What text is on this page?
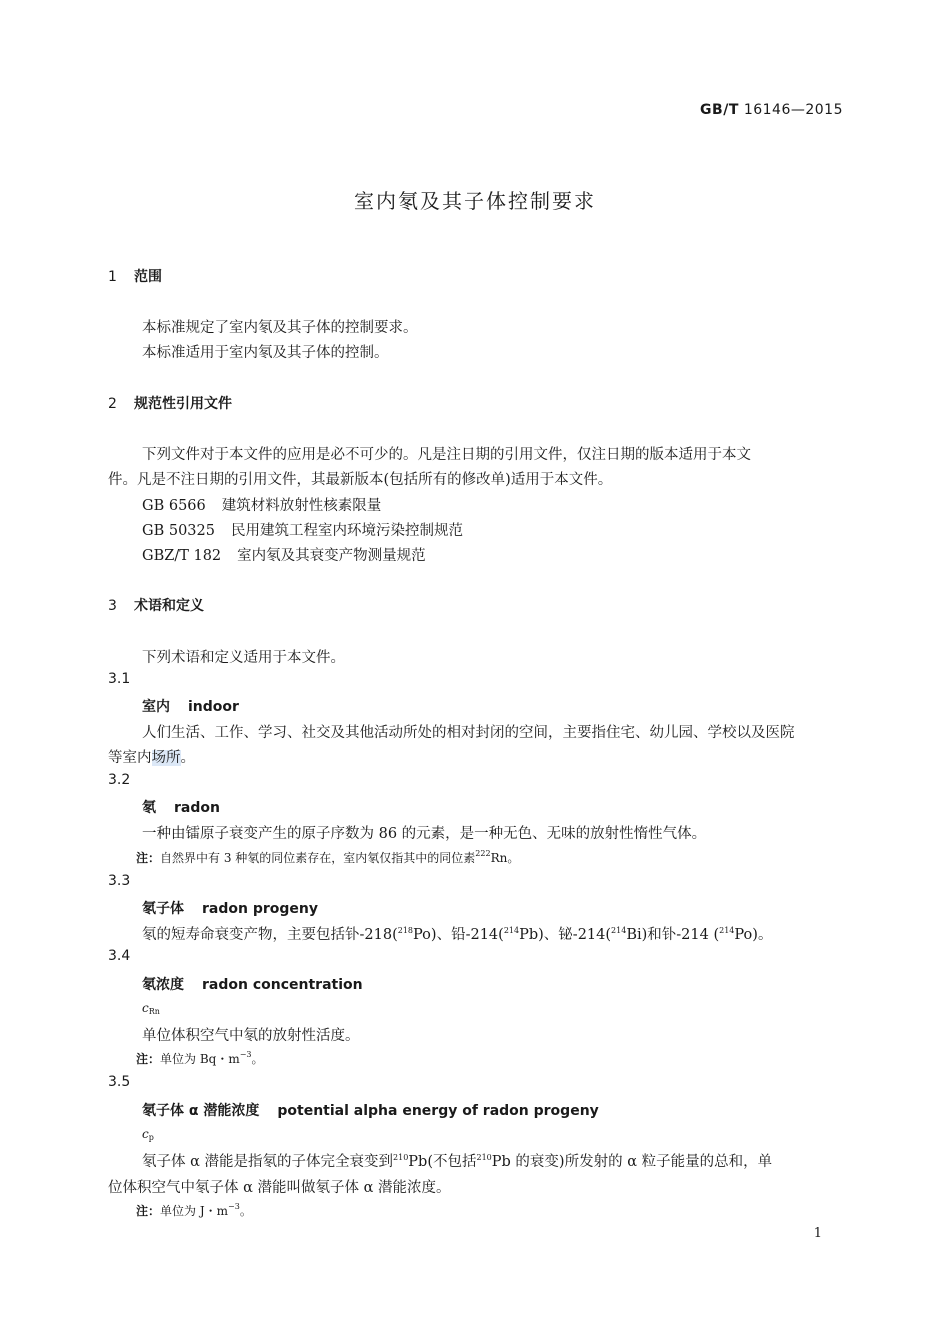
GB/T 16146—2015
室内氡及其子体控制要求
1 范围
本标准规定了室内氡及其子体的控制要求。
本标准适用于室内氡及其子体的控制。
2 规范性引用文件
下列文件对于本文件的应用是必不可少的。凡是注日期的引用文件，仅注日期的版本适用于本文
件。凡是不注日期的引用文件，其最新版本(包括所有的修改单)适用于本文件。
GB 6566 建筑材料放射性核素限量
GB 50325 民用建筑工程室内环境污染控制规范
GBZ/T 182 室内氡及其衰变产物测量规范
3 术语和定义
下列术语和定义适用于本文件。
3.1
室内 indoor
人们生活、工作、学习、社交及其他活动所处的相对封闭的空间，主要指住宅、幼儿园、学校以及医院
等室内场所。
3.2
氡 radon
一种由镭原子衰变产生的原子序数为 86 的元素，是一种无色、无味的放射性惰性气体。
注：自然界中有 3 种氡的同位素存在，室内氡仅指其中的同位素$^{222}$Rn。
3.3
氡子体 radon progeny
氡的短寿命衰变产物，主要包括钋-218($^{218}$Po)、铅-214($^{214}$Pb)、铋-214($^{214}$Bi)和钋-214 ($^{214}$Po)。
3.4
氡浓度 radon concentration
$c_{Rn}$
单位体积空气中氡的放射性活度。
注：单位为 Bq・$m^{-3}$。
3.5
氡子体 α 潜能浓度 potential alpha energy of radon progeny
$c_p$
氡子体 α 潜能是指氡的子体完全衰变到$^{210}$Pb(不包括$^{210}$Pb 的衰变)所发射的 α 粒子能量的总和，单
位体积空气中氡子体 α 潜能叫做氡子体 α 潜能浓度。
注：单位为 J・$m^{-3}$。
1
